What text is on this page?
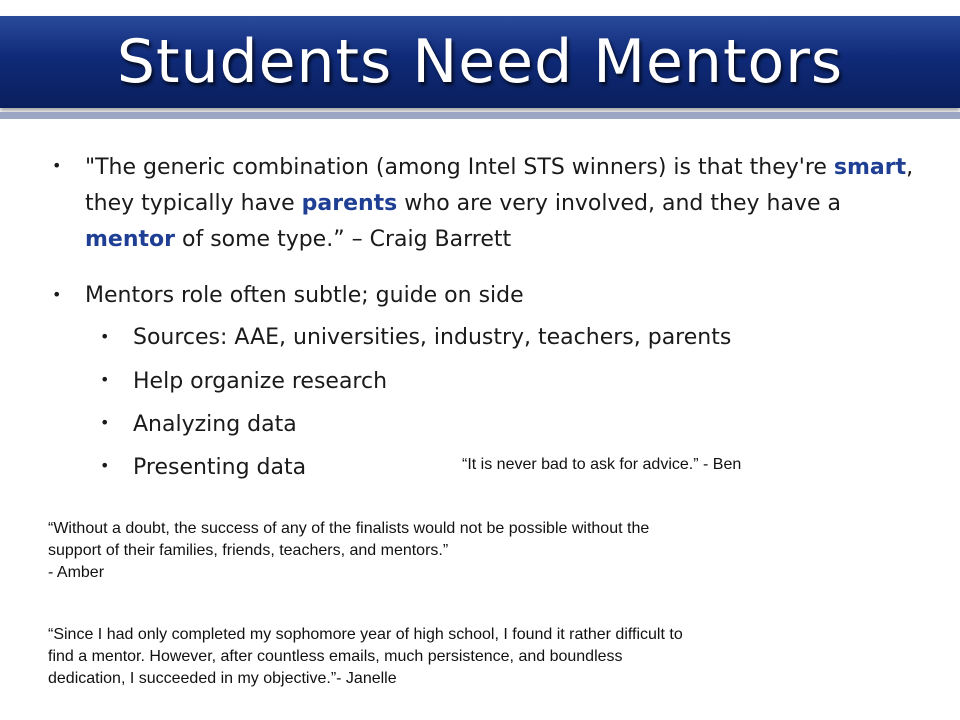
Students Need Mentors
• "The generic combination (among Intel STS winners) is that they're smart, they typically have parents who are very involved, and they have a mentor of some type.” – Craig Barrett
• Mentors role often subtle; guide on side
• Sources: AAE, universities, industry, teachers, parents
• Help organize research
• Analyzing data
• Presenting data	“It is never bad to ask for advice.” - Ben
“Without a doubt, the success of any of the finalists would not be possible without the
support of their families, friends, teachers, and mentors.”
- Amber
“Since I had only completed my sophomore year of high school, I found it rather difficult to
find a mentor. However, after countless emails, much persistence, and boundless
dedication, I succeeded in my objective.”- Janelle
